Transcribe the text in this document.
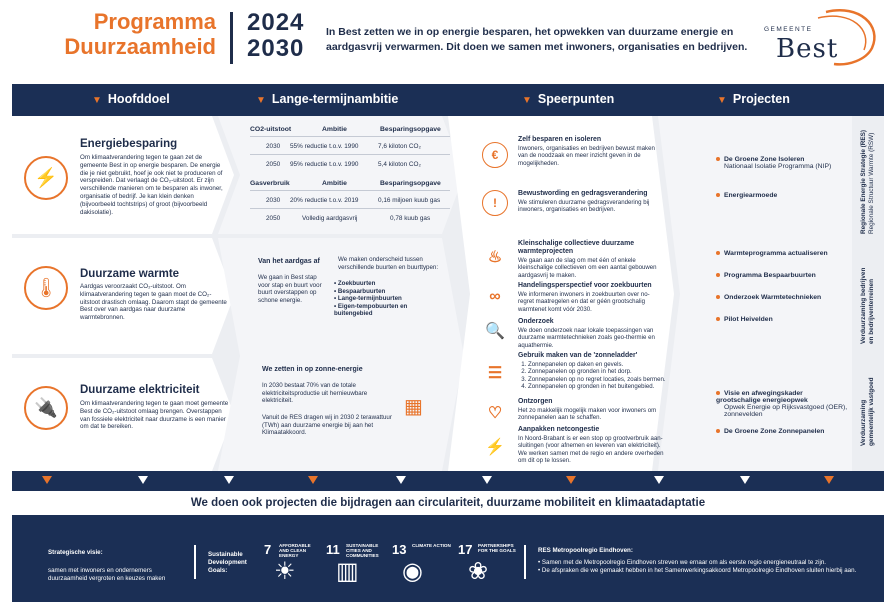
Programma
Duurzaamheid
2024
2030
In Best zetten we in op energie besparen, het opwekken van duurzame energie en aardgasvrij verwarmen. Dit doen we samen met inwoners, organisaties en bedrijven.
GEMEENTE
Best
▼ Hoofddoel	▼ Lange-termijnambitie	▼ Speerpunten	▼ Projecten
⚡
Energiebesparing
Om klimaatverandering tegen te gaan zet de gemeente Best in op energie besparen. De energie die je niet gebruikt, hoef je ook niet te produceren of verspreiden. Dat verlaagt de CO₂-uitstoot. Er zijn verschillende manieren om te besparen als inwoner, organisatie of bedrijf. Je kan klein denken (bijvoorbeeld tochtstrips) of groot (bijvoorbeeld dakisolatie).
🌡
Duurzame warmte
Aardgas veroorzaakt CO₂-uitstoot. Om klimaatverandering tegen te gaan moet de CO₂-uitstoot drastisch omlaag. Daarom stapt de gemeente Best over van aardgas naar duurzame warmtebronnen.
🔌
Duurzame elektriciteit
Om klimaatverandering tegen te gaan moet gemeente Best de CO₂-uitstoot omlaag brengen. Overstappen van fossiele elektriciteit naar duurzame is een manier om dat te bereiken.
CO2-uitstoot	Ambitie	Besparingsopgave
2030 55% reductie t.o.v. 1990	7,6 kiloton CO₂
2050 95% reductie t.o.v. 1990	5,4 kiloton CO₂
Gasverbruik	Ambitie	Besparingsopgave
2030 20% reductie t.o.v. 2019	0,16 miljoen kuub gas
2050	Volledig aardgasvrij	0,78 kuub gas
Van het aardgas af
We gaan in Best stap voor stap en buurt voor buurt overstappen op schone energie.
We maken onderscheid tussen verschillende buurten en buurttypen:
• Zoekbuurten
• Bespaarbuurten
• Lange-termijnbuurten
• Eigen-tempobuurten en buitengebied
We zetten in op zonne-energie
In 2030 bestaat 70% van de totale elektriciteitsproductie uit hernieuwbare elektriciteit.
Vanuit de RES dragen wij in 2030 2 terawattuur (TWh) aan duurzame energie bij aan het Klimaatakkoord.
▦
€
Zelf besparen en isoleren
Inwoners, organisaties en bedrijven bewust maken van de noodzaak en meer inzicht geven in de mogelijkheden.
!
Bewustwording en gedragsverandering
We stimuleren duurzame gedragsverandering bij inwoners, organisaties en bedrijven.
♨
Kleinschalige collectieve duurzame warmteprojecten
We gaan aan de slag om met één of enkele kleinschalige collectieven om een aantal gebouwen aardgasvrij te maken.
∞
Handelingsperspectief voor zoekbuurten
We informeren inwoners in zoekbuurten over no-regret maatregelen en dat er géén grootschalig warmtenet komt vóór 2030.
🔍
Onderzoek
We doen onderzoek naar lokale toepassingen van duurzame warmtetechnieken zoals geo-thermie en aquathermie.
☰
Gebruik maken van de 'zonneladder'
1. Zonnepanelen op daken en gevels.
2. Zonnepanelen op gronden in het dorp.
3. Zonnepanelen op no regret locaties, zoals bermen.
4. Zonnepanelen op gronden in het buitengebied.
♡
Ontzorgen
Het zo makkelijk mogelijk maken voor inwoners om zonnepanelen aan te schaffen.
⚡
Aanpakken netcongestie
In Noord-Brabant is er een stop op grootverbruik aan-sluitingen (voor afnemen en leveren van elektriciteit). We werken samen met de regio en andere overheden om dit op te lossen.
De Groene Zone Isoleren
Nationaal Isolatie Programma (NIP)
Energiearmoede
Warmteprogramma actualiseren
Programma Bespaarbuurten
Onderzoek Warmtetechnieken
Pilot Heivelden
Visie en afwegingskader grootschalige energieopwek
Opwek Energie op Rijksvastgoed (OER), zonnevelden
De Groene Zone Zonnepanelen
Regionale Energie Strategie (RES) Regionale Structuur Warmte (RSW)
Verduurzaming bedrijven en bedrijventerreinen
Verduurzaming gemeentelijk vastgoed
We doen ook projecten die bijdragen aan circulariteit, duurzame mobiliteit en klimaatadaptatie
Strategische visie:
samen met inwoners en ondernemers duurzaamheid vergroten en keuzes maken
Sustainable Development Goals:
7 AFFORDABLE AND CLEAN ENERGY
☀
11 SUSTAINABLE CITIES AND COMMUNITIES
▥
13 CLIMATE ACTION
◉
17 PARTNERSHIPS FOR THE GOALS
❀
RES Metropoolregio Eindhoven:
• Samen met de Metropoolregio Eindhoven streven we ernaar om als eerste regio energieneutraal te zijn.
• De afspraken die we gemaakt hebben in het Samenwerkingsakkoord Metropoolregio Eindhoven sluiten hierbij aan.
